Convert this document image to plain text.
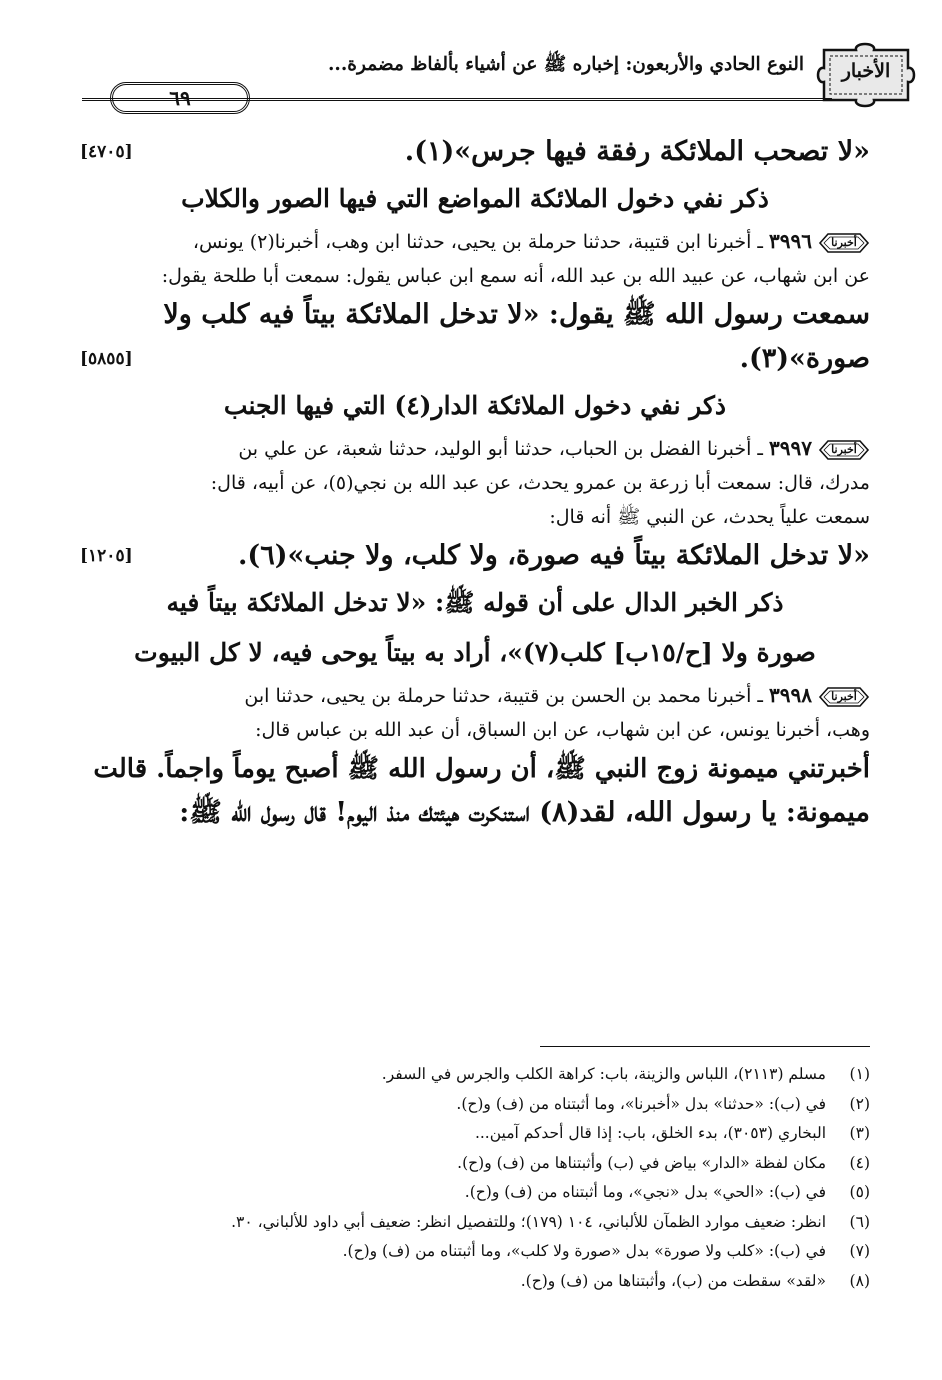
الأخبار
النوع الحادي والأربعون: إخباره ﷺ عن أشياء بألفاظ مضمرة...
٦٩
«لا تصحب الملائكة رفقة فيها جرس»(١).
[٤٧٠٥]
ذكر نفي دخول الملائكة المواضع التي فيها الصور والكلاب
أخبرنا
٣٩٩٦ ـ أخبرنا ابن قتيبة، حدثنا حرملة بن يحيى، حدثنا ابن وهب، أخبرنا(٢) يونس،
عن ابن شهاب، عن عبيد الله بن عبد الله، أنه سمع ابن عباس يقول: سمعت أبا طلحة يقول:
سمعت رسول الله ﷺ يقول: «لا تدخل الملائكة بيتاً فيه كلب ولا
صورة»(٣).
[٥٨٥٥]
ذكر نفي دخول الملائكة الدار(٤) التي فيها الجنب
أخبرنا
٣٩٩٧ ـ أخبرنا الفضل بن الحباب، حدثنا أبو الوليد، حدثنا شعبة، عن علي بن
مدرك، قال: سمعت أبا زرعة بن عمرو يحدث، عن عبد الله بن نجي(٥)، عن أبيه، قال:
سمعت علياً يحدث، عن النبي ﷺ أنه قال:
«لا تدخل الملائكة بيتاً فيه صورة، ولا كلب، ولا جنب»(٦).
[١٢٠٥]
ذكر الخبر الدال على أن قوله ﷺ: «لا تدخل الملائكة بيتاً فيه
صورة ولا [ح/١٥ب] كلب(٧)»، أراد به بيتاً يوحى فيه، لا كل البيوت
أخبرنا
٣٩٩٨ ـ أخبرنا محمد بن الحسن بن قتيبة، حدثنا حرملة بن يحيى، حدثنا ابن
وهب، أخبرنا يونس، عن ابن شهاب، عن ابن السباق، أن عبد الله بن عباس قال:
أخبرتني ميمونة زوج النبي ﷺ، أن رسول الله ﷺ أصبح يوماً واجماً. قالت
ميمونة: يا رسول الله، لقد(٨) استنكرت هيئتك منذ اليوم! قال رسول الله ﷺ:
(١)مسلم (٢١١٣)، اللباس والزينة، باب: كراهة الكلب والجرس في السفر.
(٢)في (ب): «حدثنا» بدل «أخبرنا»، وما أثبتناه من (ف) و(ح).
(٣)البخاري (٣٠٥٣)، بدء الخلق، باب: إذا قال أحدكم آمين...
(٤)مكان لفظة «الدار» بياض في (ب) وأثبتناها من (ف) و(ح).
(٥)في (ب): «الحي» بدل «نجي»، وما أثبتناه من (ف) و(ح).
(٦)انظر: ضعيف موارد الظمآن للألباني، ١٠٤ (١٧٩)؛ وللتفصيل انظر: ضعيف أبي داود للألباني، ٣٠.
(٧)في (ب): «كلب ولا صورة» بدل «صورة ولا كلب»، وما أثبتناه من (ف) و(ح).
(٨)«لقد» سقطت من (ب)، وأثبتناها من (ف) و(ح).
